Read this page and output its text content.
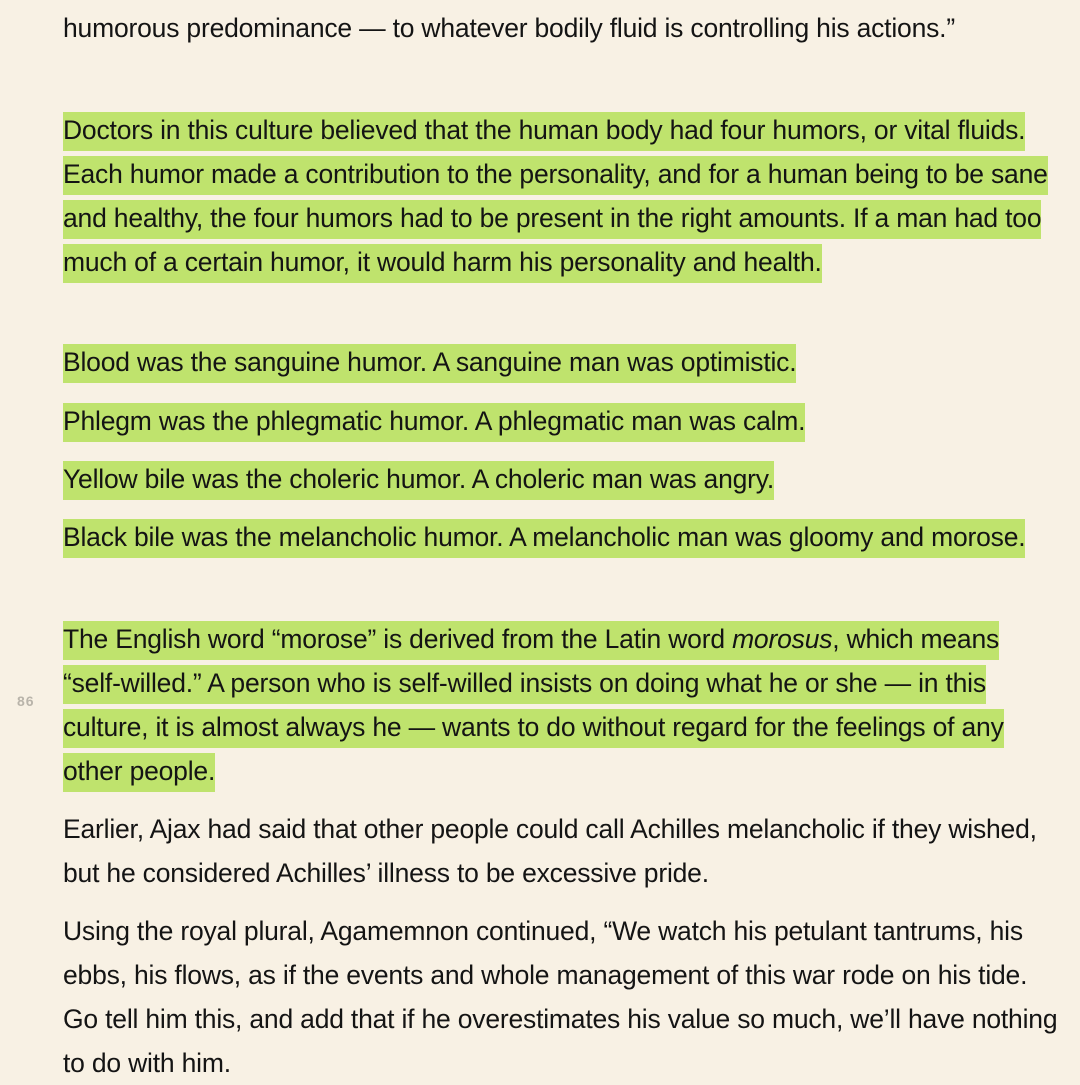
86

humorous predominance — to whatever bodily fluid is controlling his actions.”

Doctors in this culture believed that the human body had four humors, or vital fluids. Each humor made a contribution to the personality, and for a human being to be sane and healthy, the four humors had to be present in the right amounts. If a man had too much of a certain humor, it would harm his personality and health.

Blood was the sanguine humor. A sanguine man was optimistic.

Phlegm was the phlegmatic humor. A phlegmatic man was calm.

Yellow bile was the choleric humor. A choleric man was angry.

Black bile was the melancholic humor. A melancholic man was gloomy and morose.

The English word “morose” is derived from the Latin word morosus, which means “self-willed.” A person who is self-willed insists on doing what he or she — in this culture, it is almost always he — wants to do without regard for the feelings of any other people.

Earlier, Ajax had said that other people could call Achilles melancholic if they wished, but he considered Achilles’ illness to be excessive pride.

Using the royal plural, Agamemnon continued, “We watch his petulant tantrums, his ebbs, his flows, as if the events and whole management of this war rode on his tide. Go tell him this, and add that if he overestimates his value so much, we’ll have nothing to do with him.
